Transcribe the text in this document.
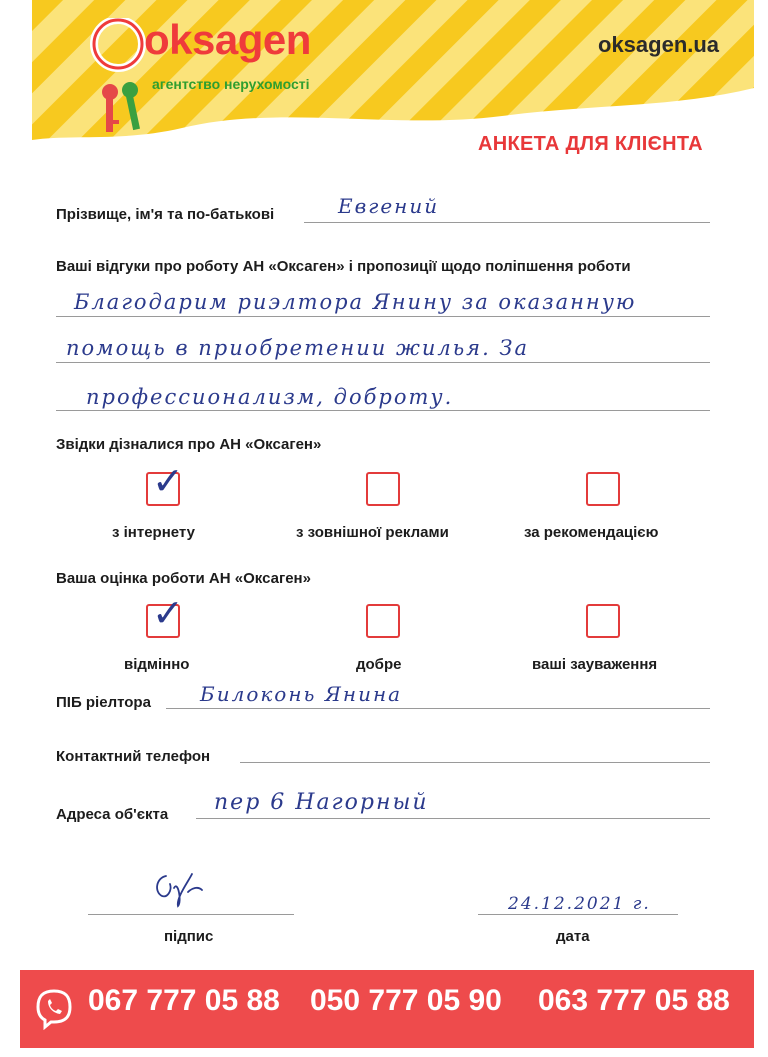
oksagen
агентство нерухомості
oksagen.ua
АНКЕТА ДЛЯ КЛІЄНТА
Прізвище, ім'я та по-батькові	Евгений
Ваші відгуки про роботу АН «Оксаген» і пропозиції щодо поліпшення роботи
Благодарим риэлтора Янину за оказанную
помощь в приобретении жилья. За
профессионализм, доброту.
Звідки дізналися про АН «Оксаген»
✓
з інтернету	з зовнішної реклами	за рекомендацією
Ваша оцінка роботи АН «Оксаген»
✓
відмінно	добре	ваші зауваження
ПІБ ріелтора Билоконь Янина
Контактний телефон
Адреса об'єкта пер 6 Нагорный
підпис
24.12.2021 г.
дата
067 777 05 88 050 777 05 90 063 777 05 88
